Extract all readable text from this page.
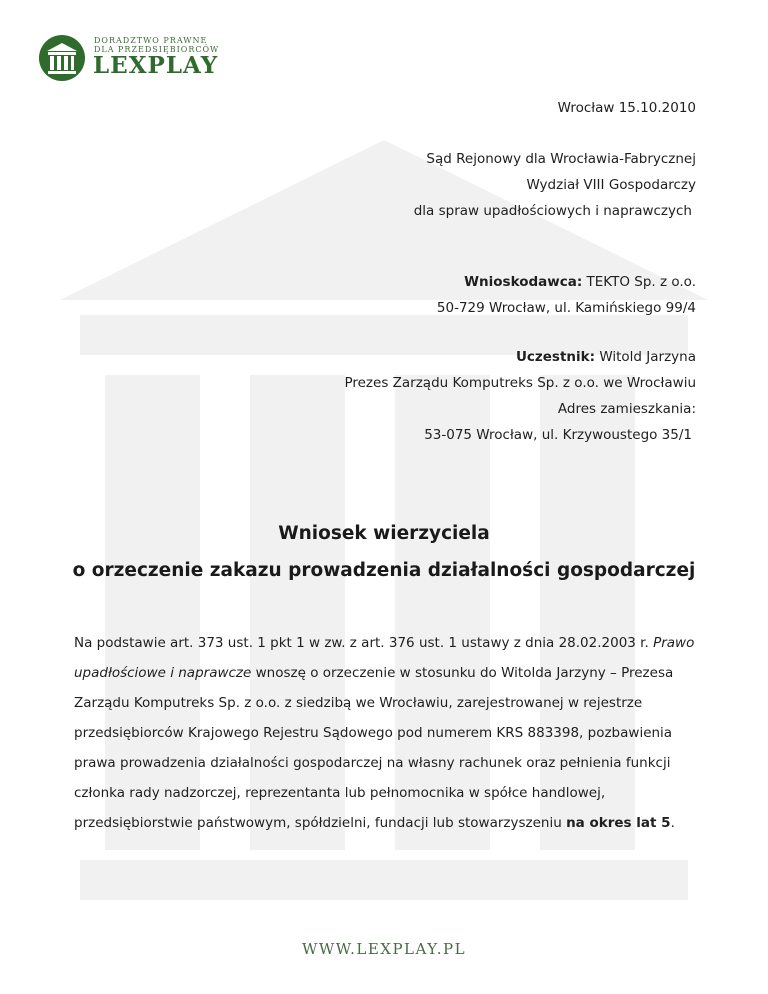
DORADZTWO PRAWNE
DLA PRZEDSIĘBIORCÓW
LEXPLAY
Wrocław 15.10.2010
Sąd Rejonowy dla Wrocławia-Fabrycznej
Wydział VIII Gospodarczy
dla spraw upadłościowych i naprawczych
Wnioskodawca: TEKTO Sp. z o.o.
50-729 Wrocław, ul. Kamińskiego 99/4
Uczestnik: Witold Jarzyna
Prezes Zarządu Komputreks Sp. z o.o. we Wrocławiu
Adres zamieszkania:
53-075 Wrocław, ul. Krzywoustego 35/1
Wniosek wierzyciela
o orzeczenie zakazu prowadzenia działalności gospodarczej
Na podstawie art. 373 ust. 1 pkt 1 w zw. z art. 376 ust. 1 ustawy z dnia 28.02.2003 r. Prawo
upadłościowe i naprawcze wnoszę o orzeczenie w stosunku do Witolda Jarzyny – Prezesa
Zarządu Komputreks Sp. z o.o. z siedzibą we Wrocławiu, zarejestrowanej w rejestrze
przedsiębiorców Krajowego Rejestru Sądowego pod numerem KRS 883398, pozbawienia
prawa prowadzenia działalności gospodarczej na własny rachunek oraz pełnienia funkcji
członka rady nadzorczej, reprezentanta lub pełnomocnika w spółce handlowej,
przedsiębiorstwie państwowym, spółdzielni, fundacji lub stowarzyszeniu na okres lat 5.
WWW.LEXPLAY.PL
